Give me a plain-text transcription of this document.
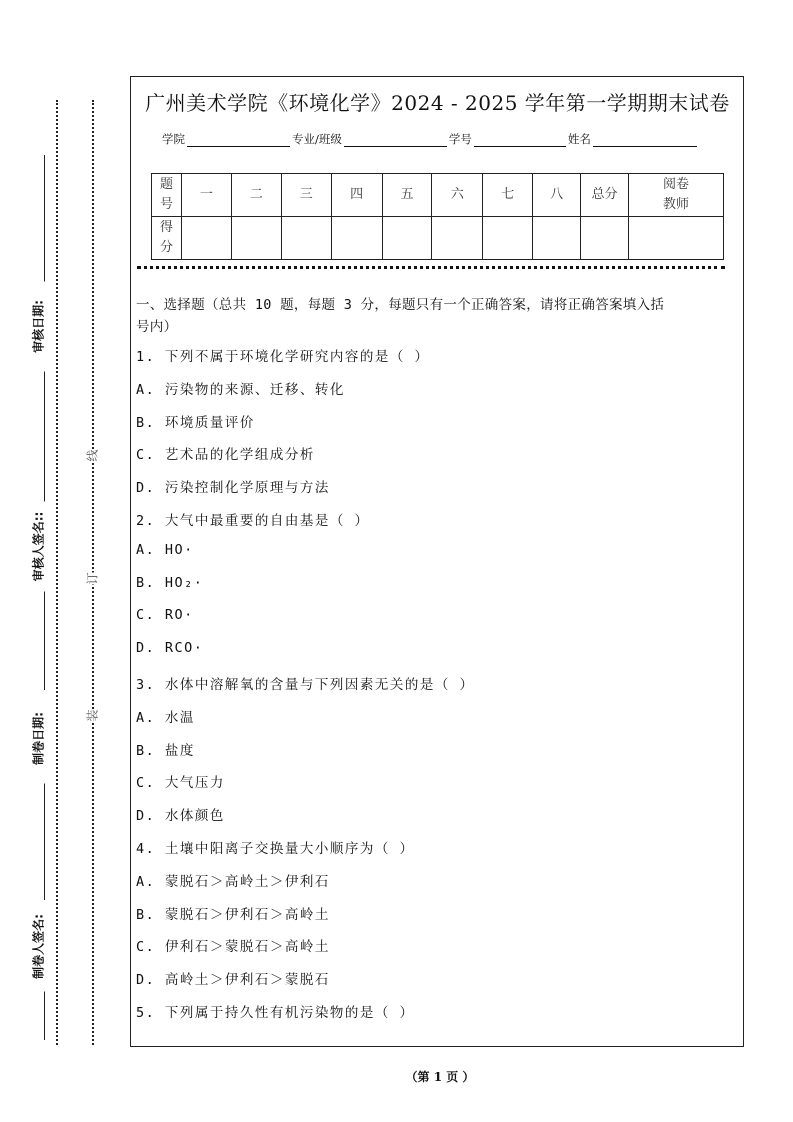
审核日期:
审核人签名::
制卷日期:
制卷人签名:
线
订
装
广州美术学院《环境化学》2024 - 2025 学年第一学期期末试卷
学院	专业/班级	学号	姓名
题号	一	二	三	四	五	六	七	八	总分	阅卷教师
得分										
一、选择题（总共 10 题，每题 3 分，每题只有一个正确答案，请将正确答案填入括
号内）
1. 下列不属于环境化学研究内容的是（ ）
A. 污染物的来源、迁移、转化
B. 环境质量评价
C. 艺术品的化学组成分析
D. 污染控制化学原理与方法
2. 大气中最重要的自由基是（ ）
A. HO·
B. HO₂·
C. RO·
D. RCO·
3. 水体中溶解氧的含量与下列因素无关的是（ ）
A. 水温
B. 盐度
C. 大气压力
D. 水体颜色
4. 土壤中阳离子交换量大小顺序为（ ）
A. 蒙脱石＞高岭土＞伊利石
B. 蒙脱石＞伊利石＞高岭土
C. 伊利石＞蒙脱石＞高岭土
D. 高岭土＞伊利石＞蒙脱石
5. 下列属于持久性有机污染物的是（ ）
（第 1 页 ）
